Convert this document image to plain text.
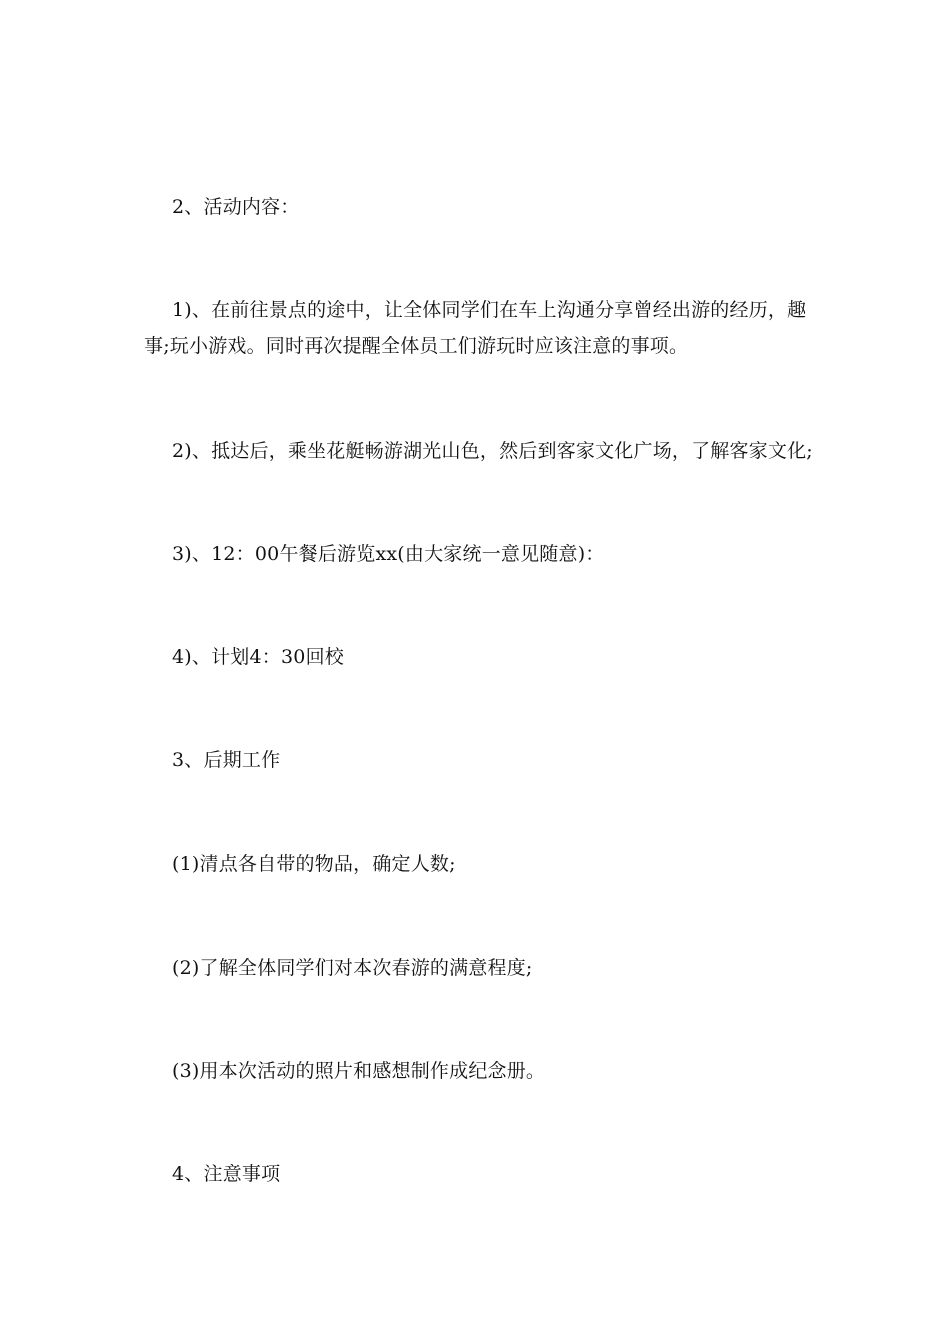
2、活动内容：
1)、在前往景点的途中，让全体同学们在车上沟通分享曾经出游的经历，趣
事;玩小游戏。同时再次提醒全体员工们游玩时应该注意的事项。
2)、抵达后，乘坐花艇畅游湖光山色，然后到客家文化广场，了解客家文化;
3)、12：00午餐后游览xx(由大家统一意见随意)：
4)、计划4：30回校
3、后期工作
(1)清点各自带的物品，确定人数;
(2)了解全体同学们对本次春游的满意程度;
(3)用本次活动的照片和感想制作成纪念册。
4、注意事项
